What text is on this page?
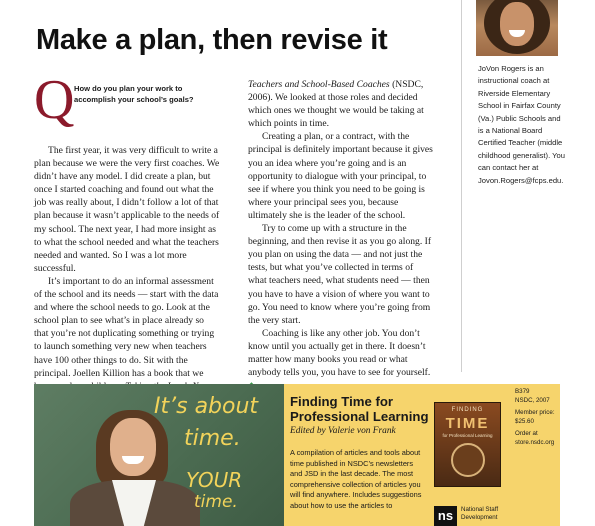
Make a plan, then revise it
Q How do you plan your work to accomplish your school’s goals?

The first year, it was very difficult to write a plan because we were the very first coaches. We didn’t have any model. I did create a plan, but once I started coaching and found out what the job was really about, I didn’t follow a lot of that plan because it wasn’t applicable to the needs of my school. The next year, I had more insight as to what the school needed and what the teachers needed and wanted. So I was a lot more successful.

It’s important to do an informal assessment of the school and its needs — start with the data and where the school needs to go. Look at the school plan to see what’s in place already so that you’re not duplicating something or trying to launch something very new when teachers have 100 other things to do. Sit with the principal. Joellen Killion has a book that we

Teachers and School-Based Coaches (NSDC, 2006). We looked at those roles and decided which ones we thought we would be taking at which points in time.

Creating a plan, or a contract, with the principal is definitely important because it gives you an idea where you’re going and is an opportunity to dialogue with your principal, to see if where you think you need to be going is where your principal sees you, because ultimately she is the leader of the school.

Try to come up with a structure in the beginning, and then revise it as you go along. If you plan on using the data — and not just the tests, but what you’ve collected in terms of what teachers need, what students need — then you have to have a vision of where you want to go. You need to know where you’re going from the very start.

Coaching is like any other job. You don’t know until you actually get in there. It doesn’t matter how many books you read or what anybody tells you, you have to see for yourself.

JoVon Rogers is an instructional coach at Riverside Elementary School in Fairfax County (Va.) Public Schools and is a National Board Certified Teacher (middle childhood generalist). You can contact her at Jovon.Rogers@fcps.edu.
It’s about
time.
YOUR
time.
Finding Time for Professional Learning
Edited by Valerie von Frank
A compilation of articles and tools about time published in NSDC’s newsletters and JSD in the last decade. The most comprehensive collection of articles you will find anywhere. Includes suggestions about how to use the articles to
FINDING
TIME
for Professional Learning
B379
NSDC, 2007
Member price:
$25.60
Order at
store.nsdc.org
ns	National Staff Development
